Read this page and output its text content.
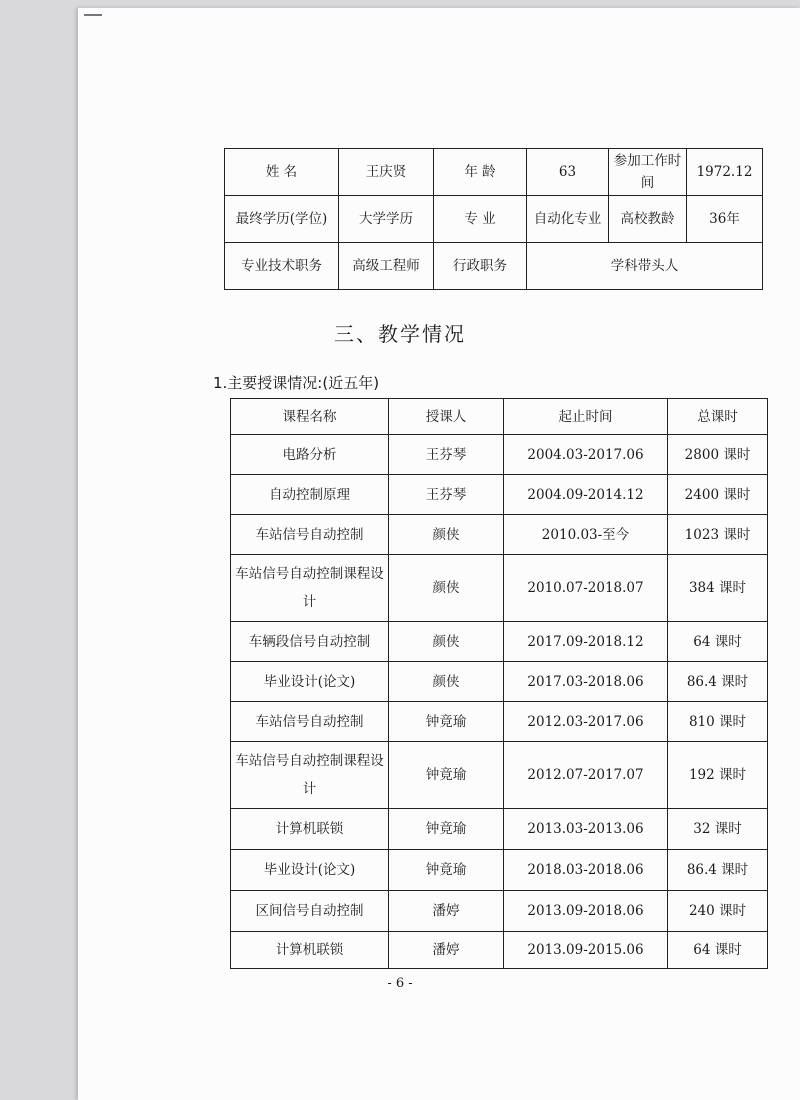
姓 名	王庆贤	年 龄	63	参加工作时间	1972.12
最终学历(学位)	大学学历	专 业	自动化专业	高校教龄	36年
专业技术职务	高级工程师	行政职务	学科带头人		
三、教学情况
1.主要授课情况:(近五年)
课程名称	授课人	起止时间	总课时
电路分析	王芬琴	2004.03-2017.06	2800 课时
自动控制原理	王芬琴	2004.09-2014.12	2400 课时
车站信号自动控制	颜侠	2010.03-至今	1023 课时
车站信号自动控制课程设计	颜侠	2010.07-2018.07	384 课时
车辆段信号自动控制	颜侠	2017.09-2018.12	64 课时
毕业设计(论文)	颜侠	2017.03-2018.06	86.4 课时
车站信号自动控制	钟竟瑜	2012.03-2017.06	810 课时
车站信号自动控制课程设计	钟竟瑜	2012.07-2017.07	192 课时
计算机联锁	钟竟瑜	2013.03-2013.06	32 课时
毕业设计(论文)	钟竟瑜	2018.03-2018.06	86.4 课时
区间信号自动控制	潘婷	2013.09-2018.06	240 课时
计算机联锁	潘婷	2013.09-2015.06	64 课时
- 6 -
